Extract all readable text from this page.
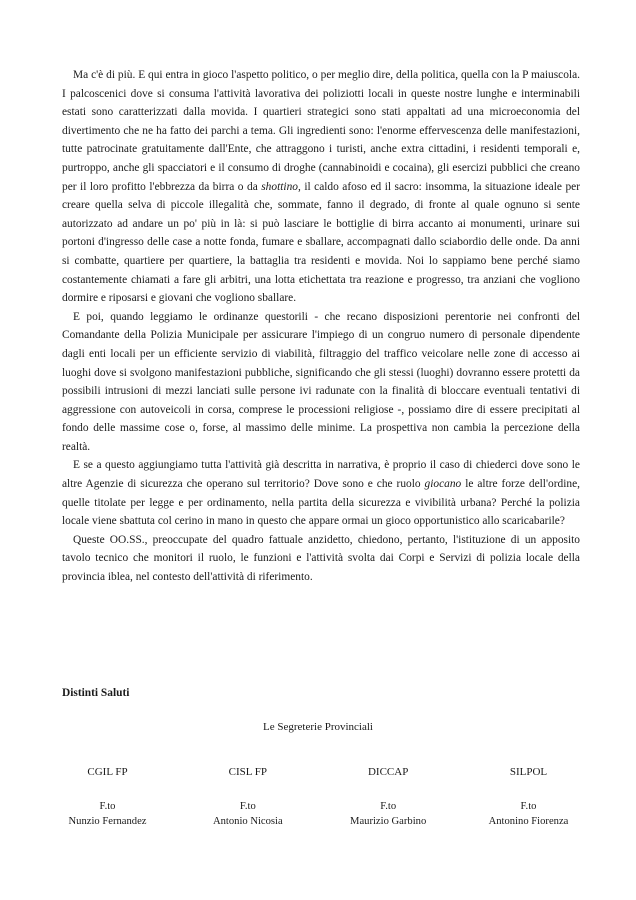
Ma c'è di più. E qui entra in gioco l'aspetto politico, o per meglio dire, della politica, quella con la P maiuscola. I palcoscenici dove si consuma l'attività lavorativa dei poliziotti locali in queste nostre lunghe e interminabili estati sono caratterizzati dalla movida. I quartieri strategici sono stati appaltati ad una microeconomia del divertimento che ne ha fatto dei parchi a tema. Gli ingredienti sono: l'enorme effervescenza delle manifestazioni, tutte patrocinate gratuitamente dall'Ente, che attraggono i turisti, anche extra cittadini, i residenti temporali e, purtroppo, anche gli spacciatori e il consumo di droghe (cannabinoidi e cocaina), gli esercizi pubblici che creano per il loro profitto l'ebbrezza da birra o da shottino, il caldo afoso ed il sacro: insomma, la situazione ideale per creare quella selva di piccole illegalità che, sommate, fanno il degrado, di fronte al quale ognuno si sente autorizzato ad andare un po' più in là: si può lasciare le bottiglie di birra accanto ai monumenti, urinare sui portoni d'ingresso delle case a notte fonda, fumare e sballare, accompagnati dallo sciabordio delle onde. Da anni si combatte, quartiere per quartiere, la battaglia tra residenti e movida. Noi lo sappiamo bene perché siamo costantemente chiamati a fare gli arbitri, una lotta etichettata tra reazione e progresso, tra anziani che vogliono dormire e riposarsi e giovani che vogliono sballare.

E poi, quando leggiamo le ordinanze questorili - che recano disposizioni perentorie nei confronti del Comandante della Polizia Municipale per assicurare l'impiego di un congruo numero di personale dipendente dagli enti locali per un efficiente servizio di viabilità, filtraggio del traffico veicolare nelle zone di accesso ai luoghi dove si svolgono manifestazioni pubbliche, significando che gli stessi (luoghi) dovranno essere protetti da possibili intrusioni di mezzi lanciati sulle persone ivi radunate con la finalità di bloccare eventuali tentativi di aggressione con autoveicoli in corsa, comprese le processioni religiose -, possiamo dire di essere precipitati al fondo delle massime cose o, forse, al massimo delle minime. La prospettiva non cambia la percezione della realtà.

E se a questo aggiungiamo tutta l'attività già descritta in narrativa, è proprio il caso di chiederci dove sono le altre Agenzie di sicurezza che operano sul territorio? Dove sono e che ruolo giocano le altre forze dell'ordine, quelle titolate per legge e per ordinamento, nella partita della sicurezza e vivibilità urbana? Perché la polizia locale viene sbattuta col cerino in mano in questo che appare ormai un gioco opportunistico allo scaricabarile?

Queste OO.SS., preoccupate del quadro fattuale anzidetto, chiedono, pertanto, l'istituzione di un apposito tavolo tecnico che monitori il ruolo, le funzioni e l'attività svolta dai Corpi e Servizi di polizia locale della provincia iblea, nel contesto dell'attività di riferimento.

Distinti Saluti

Le Segreterie Provinciali

CGIL FP
F.to
Nunzio Fernandez
CISL FP
F.to
Antonio Nicosia
DICCAP
F.to
Maurizio Garbino
SILPOL
F.to
Antonino Fiorenza
